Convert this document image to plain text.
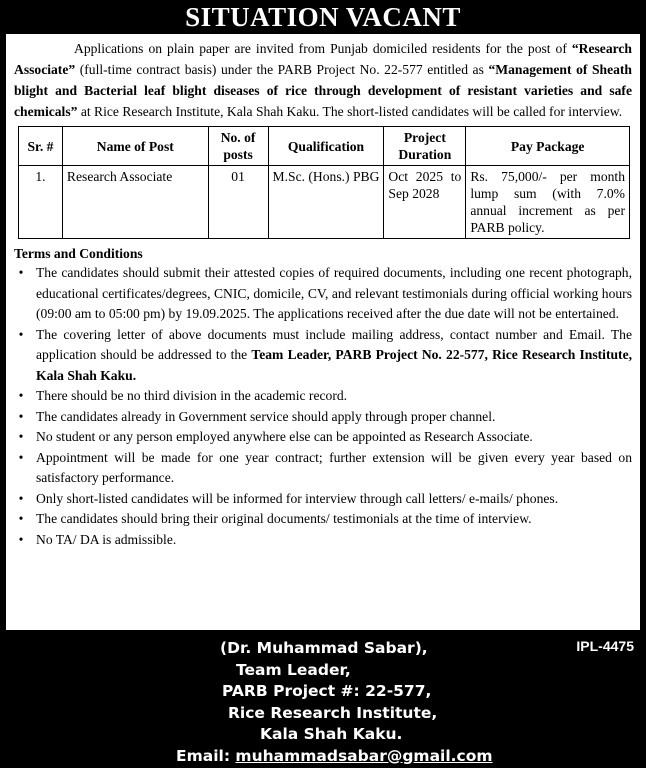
SITUATION VACANT

Applications on plain paper are invited from Punjab domiciled residents for the post of “Research Associate” (full-time contract basis) under the PARB Project No. 22-577 entitled as “Management of Sheath blight and Bacterial leaf blight diseases of rice through development of resistant varieties and safe chemicals” at Rice Research Institute, Kala Shah Kaku. The short-listed candidates will be called for interview.

Sr. #	Name of Post	No. of posts	Qualification	Project Duration	Pay Package
1.	Research Associate	01	M.Sc. (Hons.) PBG	Oct 2025 to Sep 2028	Rs. 75,000/- per month lump sum (with 7.0% annual increment as per PARB policy.
Terms and Conditions
• The candidates should submit their attested copies of required documents, including one recent photograph, educational certificates/degrees, CNIC, domicile, CV, and relevant testimonials during official working hours (09:00 am to 05:00 pm) by 19.09.2025. The applications received after the due date will not be entertained.
• The covering letter of above documents must include mailing address, contact number and Email. The application should be addressed to the Team Leader, PARB Project No. 22-577, Rice Research Institute, Kala Shah Kaku.
• There should be no third division in the academic record.
• The candidates already in Government service should apply through proper channel.
• No student or any person employed anywhere else can be appointed as Research Associate.
• Appointment will be made for one year contract; further extension will be given every year based on satisfactory performance.
• Only short-listed candidates will be informed for interview through call letters/ e-mails/ phones.
• The candidates should bring their original documents/ testimonials at the time of interview.
• No TA/ DA is admissible.
(Dr. Muhammad Sabar),
Team Leader,
PARB Project #: 22-577,
Rice Research Institute,
Kala Shah Kaku.
Email: muhammadsabar@gmail.com
IPL-4475
